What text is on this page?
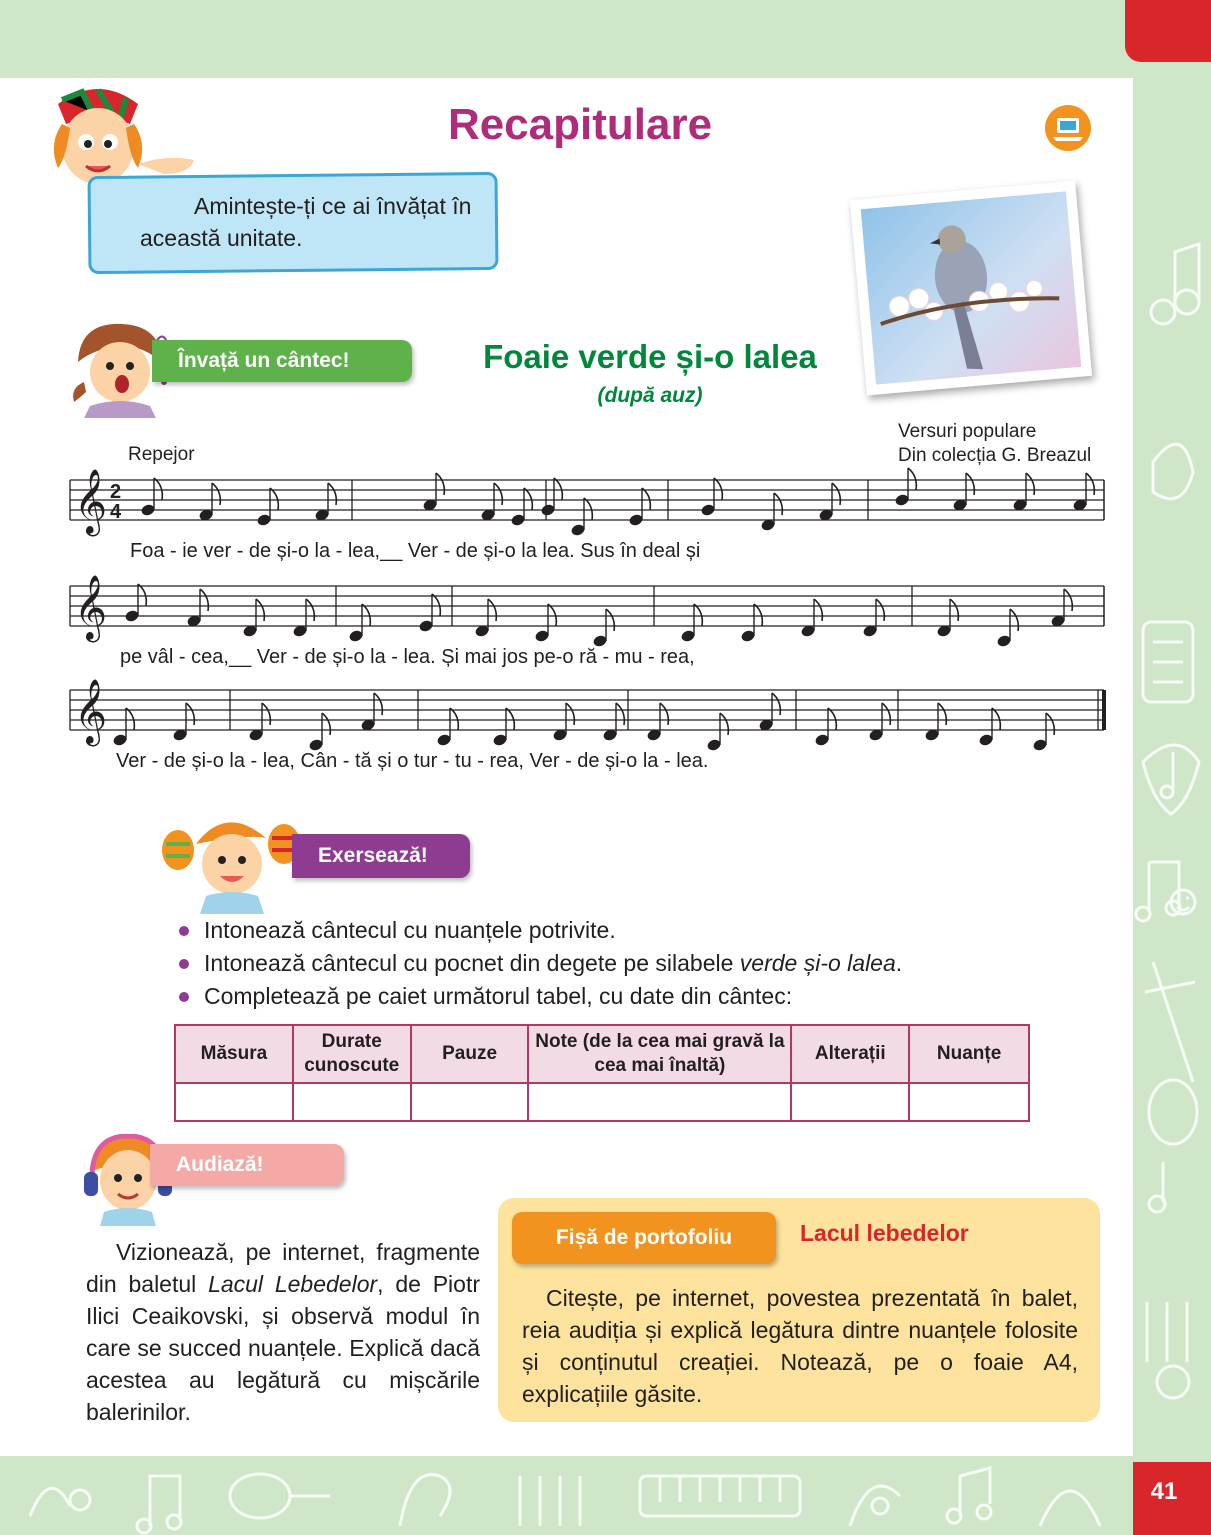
41
Recapitulare
Amintește-ți ce ai învățat în această unitate.
Învață un cântec!	Foaie verde și-o lalea
(după auz)
Repejor
Versuri populare
Din colecția G. Breazul
𝄞
𝄞
𝄞
2
4
Foa - ie ver - de și-o la - lea,__ Ver - de și-o la lea. Sus în deal și
pe vâl - cea,__ Ver - de și-o la - lea. Și mai jos pe-o ră - mu - rea,
Ver - de și-o la - lea, Cân - tă și o tur - tu - rea, Ver - de și-o la - lea.
Exersează!
Intonează cântecul cu nuanțele potrivite.
Intonează cântecul cu pocnet din degete pe silabele verde și-o lalea.
Completează pe caiet următorul tabel, cu date din cântec:
Măsura	Durate cunoscute	Pauze	Note (de la cea mai gravă la cea mai înaltă)	Alterații	Nuanțe

Audiază!

Vizionează, pe internet, fragmente din baletul Lacul Lebedelor, de Piotr Ilici Ceaikovski, și observă modul în care se succed nuanțele. Explică dacă acestea au legătură cu mișcările balerinilor.

Fișă de portofoliu	Lacul lebedelor

Citește, pe internet, povestea prezentată în balet, reia audiția și explică legătura dintre nuanțele folosite și conținutul creației. Notează, pe o foaie A4, explicațiile găsite.
